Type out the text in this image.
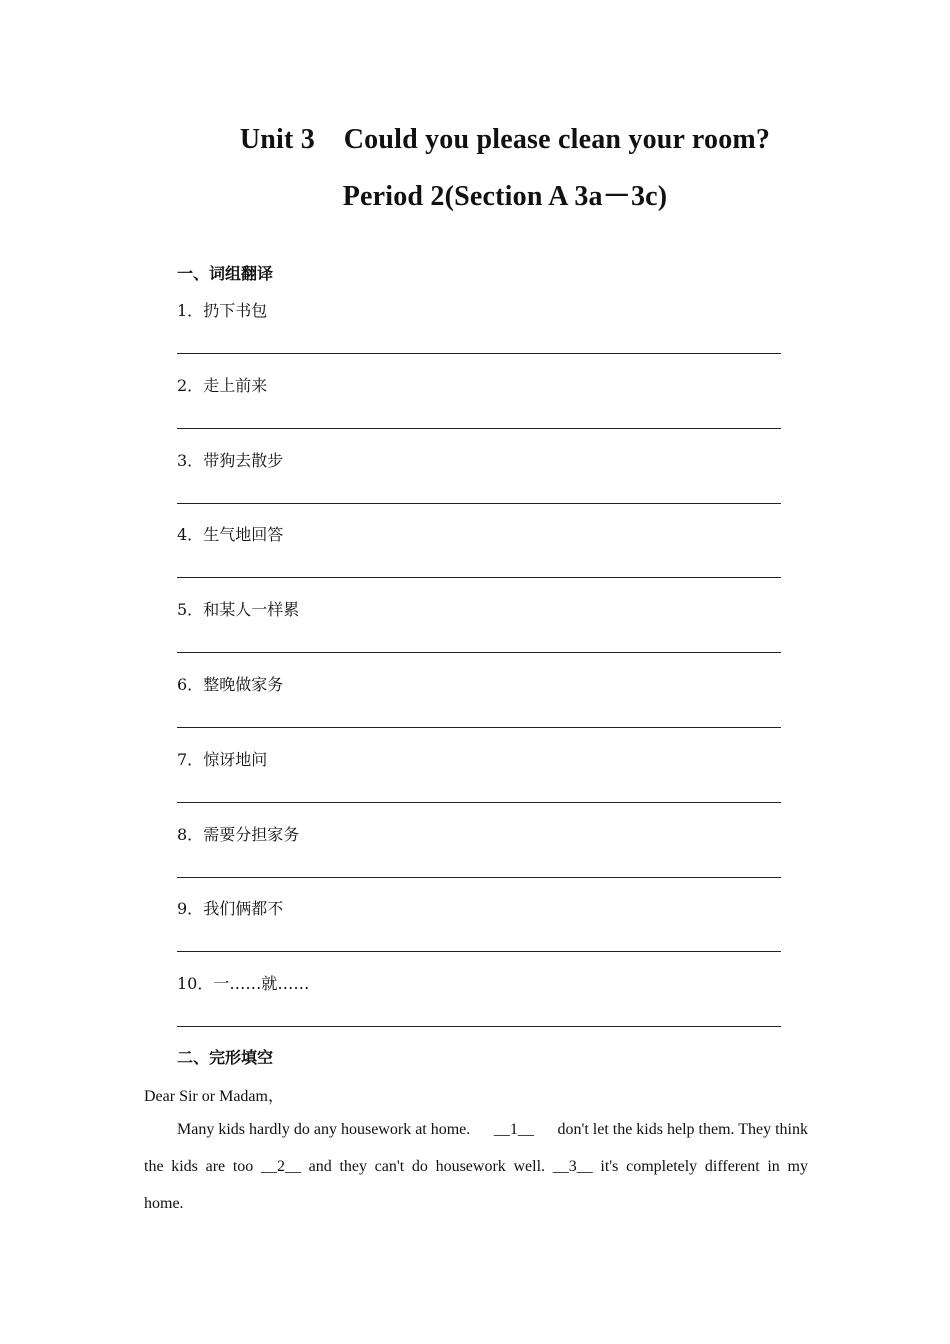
Unit 3    Could you please clean your room?
Period 2(Section A 3a－3c)
一、词组翻译
1．扔下书包
2．走上前来
3．带狗去散步
4．生气地回答
5．和某人一样累
6．整晚做家务
7．惊讶地问
8．需要分担家务
9．我们俩都不
10．一……就……
二、完形填空
Dear Sir or Madam，
Many kids hardly do any housework at home. __1__ don't let the kids help them. They think
the kids are too __2__ and they can't do housework well. __3__ it's completely different in my
home.
